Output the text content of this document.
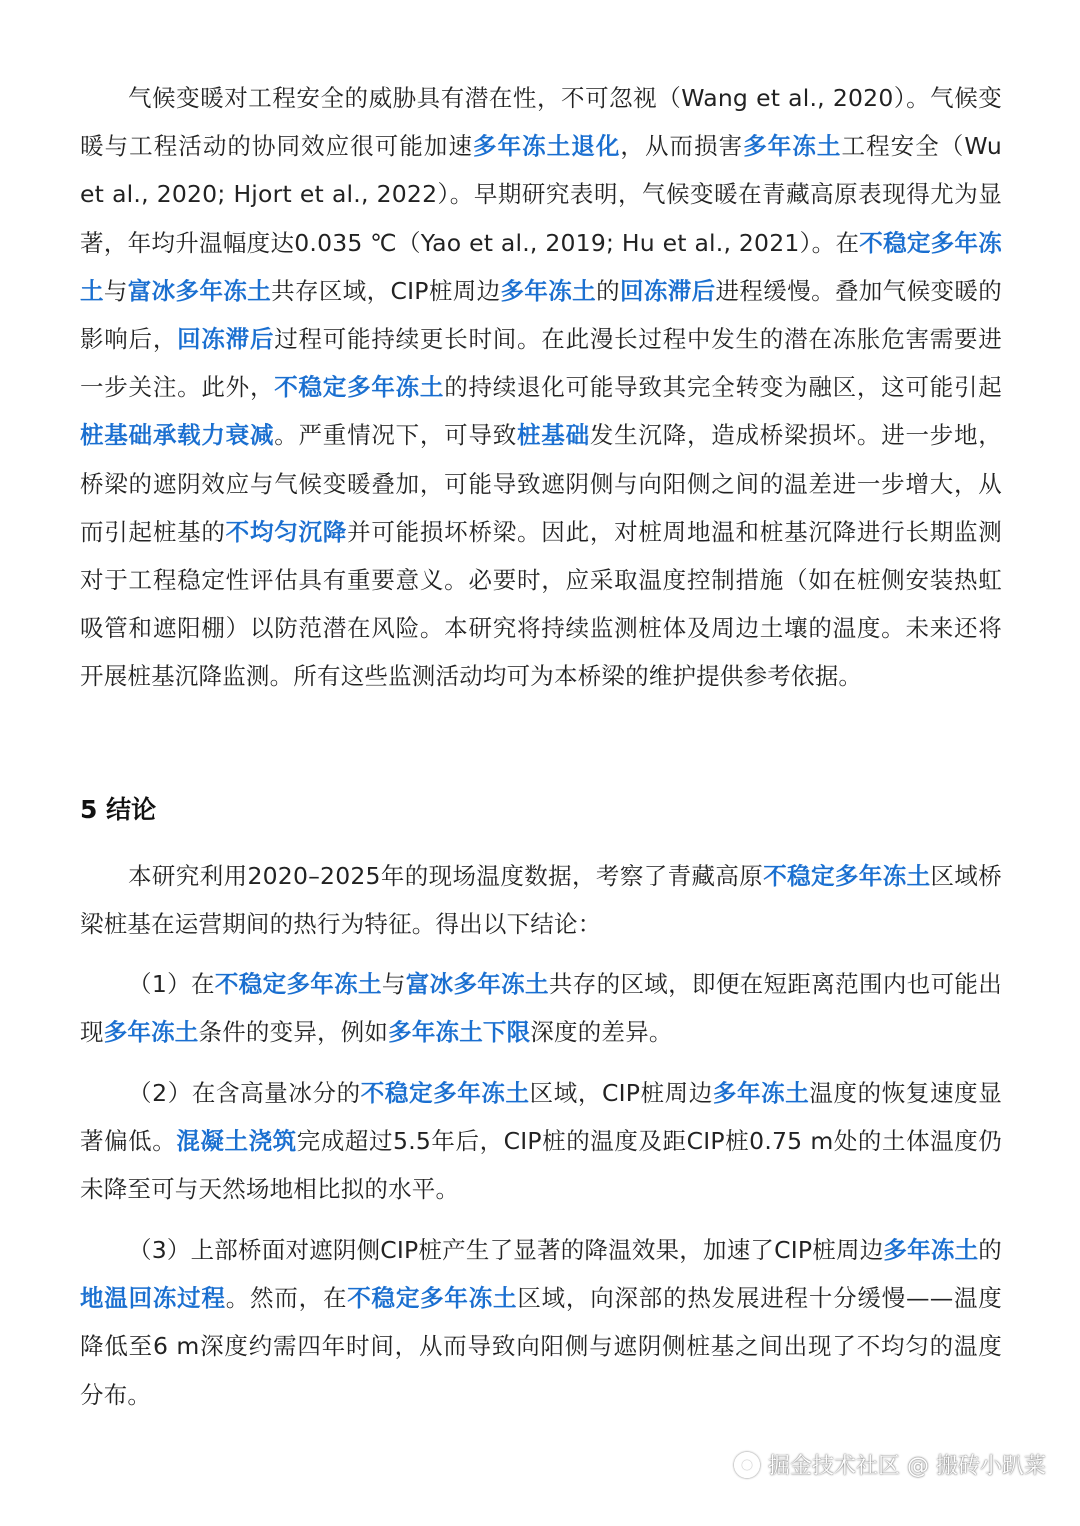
气候变暖对工程安全的威胁具有潜在性，不可忽视（Wang et al., 2020）。气候变暖与工程活动的协同效应很可能加速多年冻土退化，从而损害多年冻土工程安全（Wu et al., 2020; Hjort et al., 2022）。早期研究表明，气候变暖在青藏高原表现得尤为显著，年均升温幅度达0.035 ℃（Yao et al., 2019; Hu et al., 2021）。在不稳定多年冻土与富冰多年冻土共存区域，CIP桩周边多年冻土的回冻滞后进程缓慢。叠加气候变暖的影响后，回冻滞后过程可能持续更长时间。在此漫长过程中发生的潜在冻胀危害需要进一步关注。此外，不稳定多年冻土的持续退化可能导致其完全转变为融区，这可能引起桩基础承载力衰减。严重情况下，可导致桩基础发生沉降，造成桥梁损坏。进一步地，桥梁的遮阴效应与气候变暖叠加，可能导致遮阴侧与向阳侧之间的温差进一步增大，从而引起桩基的不均匀沉降并可能损坏桥梁。因此，对桩周地温和桩基沉降进行长期监测对于工程稳定性评估具有重要意义。必要时，应采取温度控制措施（如在桩侧安装热虹吸管和遮阳棚）以防范潜在风险。本研究将持续监测桩体及周边土壤的温度。未来还将开展桩基沉降监测。所有这些监测活动均可为本桥梁的维护提供参考依据。

5 结论

本研究利用2020–2025年的现场温度数据，考察了青藏高原不稳定多年冻土区域桥梁桩基在运营期间的热行为特征。得出以下结论：

（1）在不稳定多年冻土与富冰多年冻土共存的区域，即便在短距离范围内也可能出现多年冻土条件的变异，例如多年冻土下限深度的差异。

（2）在含高量冰分的不稳定多年冻土区域，CIP桩周边多年冻土温度的恢复速度显著偏低。混凝土浇筑完成超过5.5年后，CIP桩的温度及距CIP桩0.75 m处的土体温度仍未降至可与天然场地相比拟的水平。

（3）上部桥面对遮阴侧CIP桩产生了显著的降温效果，加速了CIP桩周边多年冻土的地温回冻过程。然而，在不稳定多年冻土区域，向深部的热发展进程十分缓慢——温度降低至6 m深度约需四年时间，从而导致向阳侧与遮阴侧桩基之间出现了不均匀的温度分布。

掘金技术社区 @ 搬砖小趴菜
